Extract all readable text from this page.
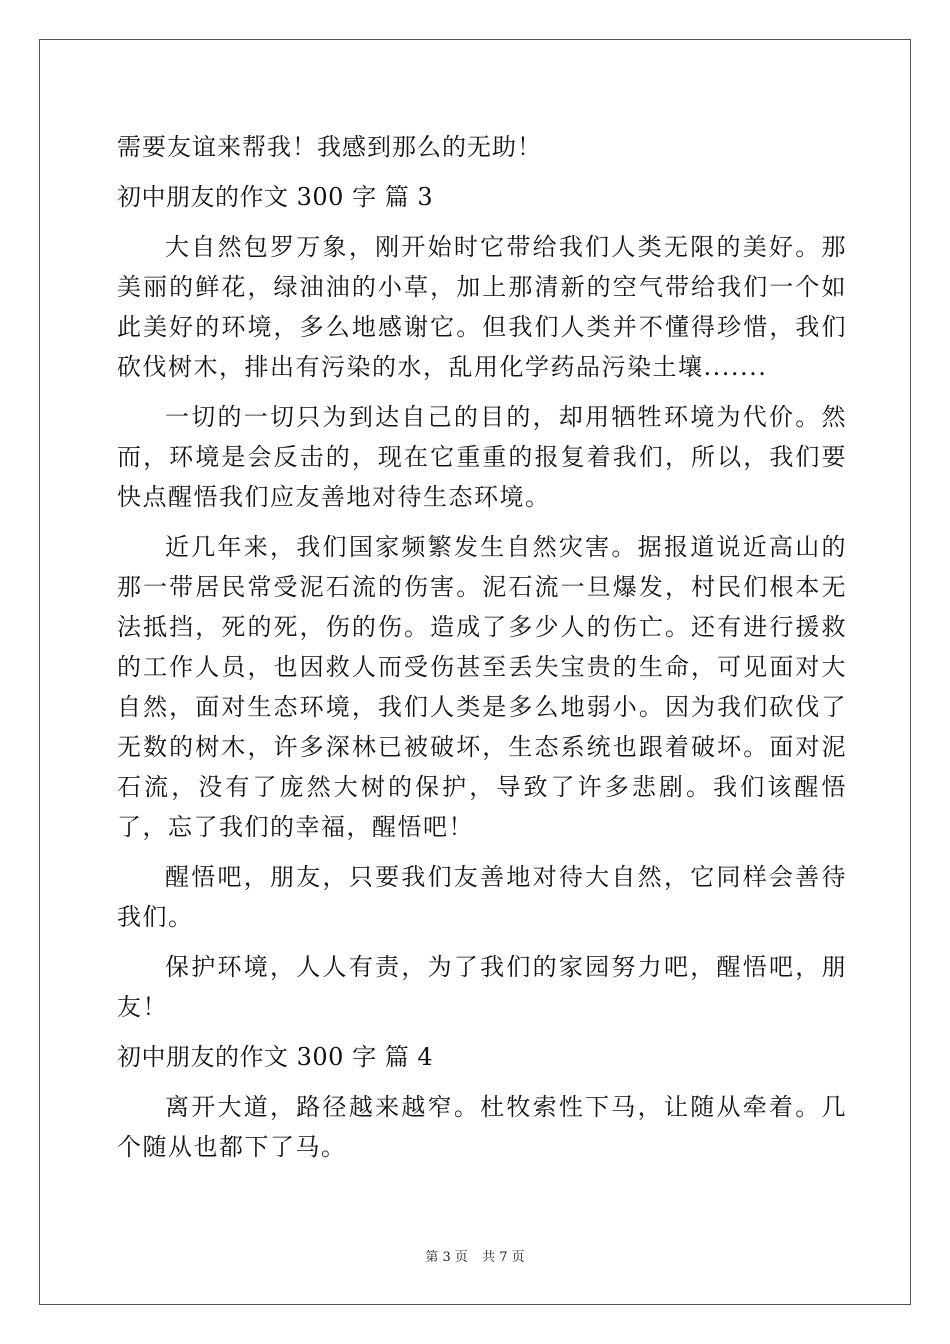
需要友谊来帮我！我感到那么的无助！
初中朋友的作文 300 字 篇 3
大自然包罗万象，刚开始时它带给我们人类无限的美好。那美丽的鲜花，绿油油的小草，加上那清新的空气带给我们一个如此美好的环境，多么地感谢它。但我们人类并不懂得珍惜，我们砍伐树木，排出有污染的水，乱用化学药品污染土壤.......
一切的一切只为到达自己的目的，却用牺牲环境为代价。然而，环境是会反击的，现在它重重的报复着我们，所以，我们要快点醒悟我们应友善地对待生态环境。
近几年来，我们国家频繁发生自然灾害。据报道说近高山的那一带居民常受泥石流的伤害。泥石流一旦爆发，村民们根本无法抵挡，死的死，伤的伤。造成了多少人的伤亡。还有进行援救的工作人员，也因救人而受伤甚至丢失宝贵的生命，可见面对大自然，面对生态环境，我们人类是多么地弱小。因为我们砍伐了无数的树木，许多深林已被破坏，生态系统也跟着破坏。面对泥石流，没有了庞然大树的保护，导致了许多悲剧。我们该醒悟了，忘了我们的幸福，醒悟吧！
醒悟吧，朋友，只要我们友善地对待大自然，它同样会善待我们。
保护环境，人人有责，为了我们的家园努力吧，醒悟吧，朋友！
初中朋友的作文 300 字 篇 4
离开大道，路径越来越窄。杜牧索性下马，让随从牵着。几个随从也都下了马。
第 3 页 共 7 页
